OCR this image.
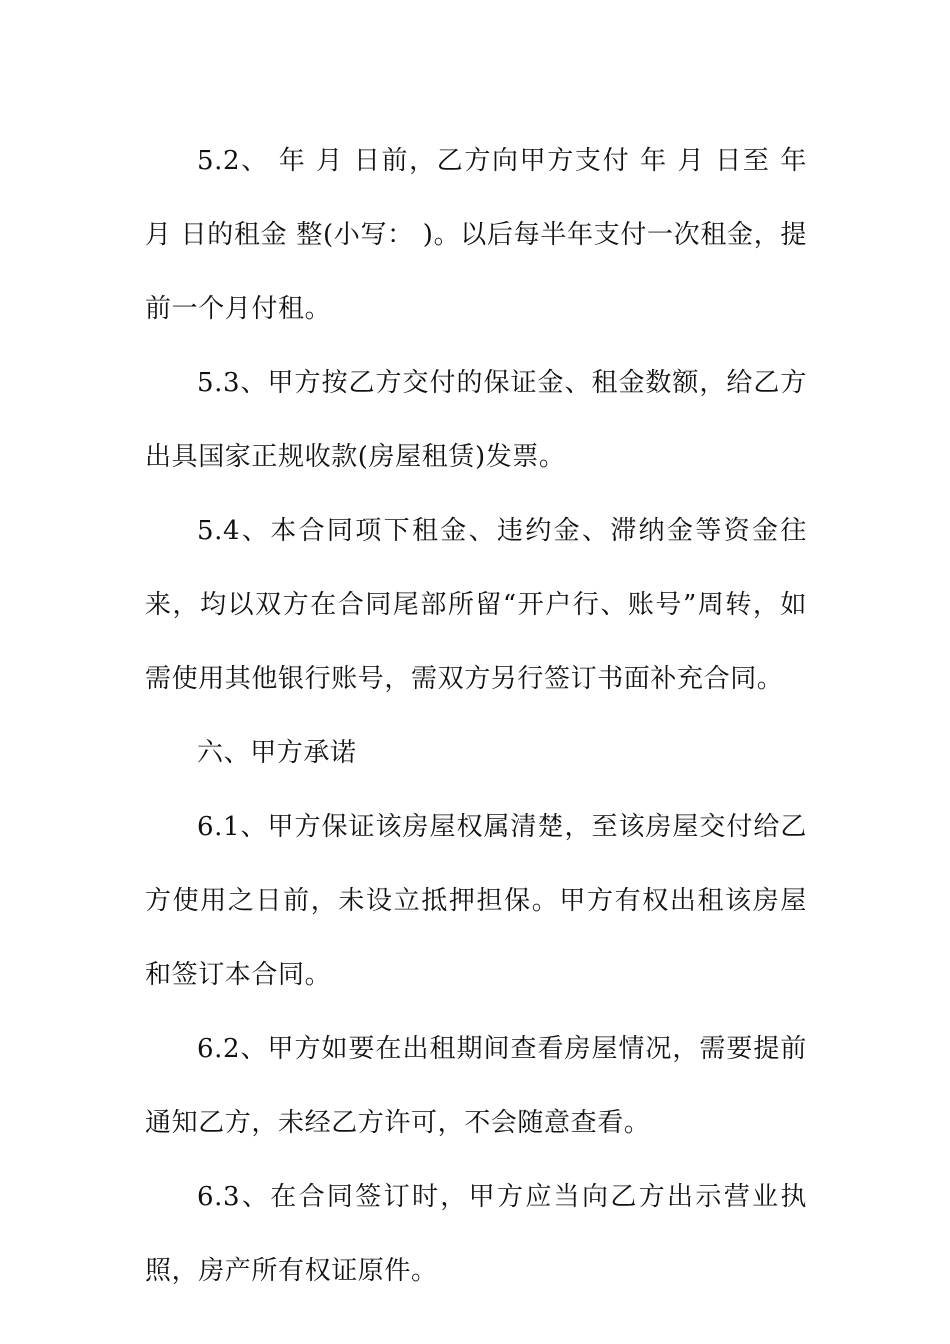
5.2、 年 月 日前，乙方向甲方支付 年 月 日至 年 月 日的租金 整(小写： )。以后每半年支付一次租金，提前一个月付租。

5.3、甲方按乙方交付的保证金、租金数额，给乙方出具国家正规收款(房屋租赁)发票。

5.4、本合同项下租金、违约金、滞纳金等资金往来，均以双方在合同尾部所留“开户行、账号”周转，如需使用其他银行账号，需双方另行签订书面补充合同。

六、甲方承诺

6.1、甲方保证该房屋权属清楚，至该房屋交付给乙方使用之日前，未设立抵押担保。甲方有权出租该房屋和签订本合同。

6.2、甲方如要在出租期间查看房屋情况，需要提前通知乙方，未经乙方许可，不会随意查看。

6.3、在合同签订时，甲方应当向乙方出示营业执照，房产所有权证原件。
